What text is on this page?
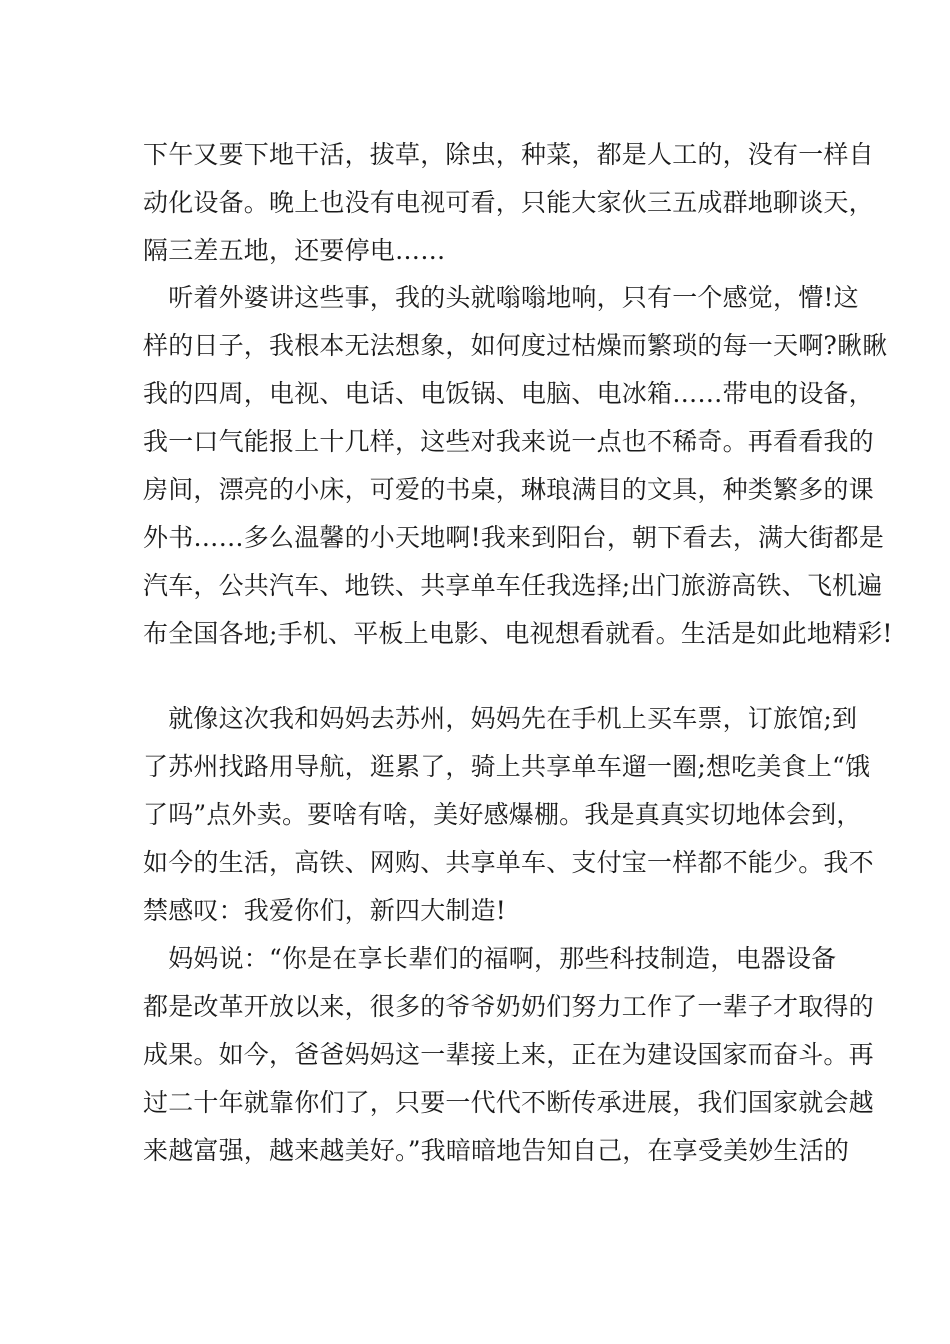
下午又要下地干活，拔草，除虫，种菜，都是人工的，没有一样自
动化设备。晚上也没有电视可看，只能大家伙三五成群地聊谈天，
隔三差五地，还要停电……
　听着外婆讲这些事，我的头就嗡嗡地响，只有一个感觉，懵!这
样的日子，我根本无法想象，如何度过枯燥而繁琐的每一天啊?瞅瞅
我的四周，电视、电话、电饭锅、电脑、电冰箱……带电的设备，
我一口气能报上十几样，这些对我来说一点也不稀奇。再看看我的
房间，漂亮的小床，可爱的书桌，琳琅满目的文具，种类繁多的课
外书……多么温馨的小天地啊!我来到阳台，朝下看去，满大街都是
汽车，公共汽车、地铁、共享单车任我选择;出门旅游高铁、飞机遍
布全国各地;手机、平板上电影、电视想看就看。生活是如此地精彩!
　就像这次我和妈妈去苏州，妈妈先在手机上买车票，订旅馆;到
了苏州找路用导航，逛累了，骑上共享单车遛一圈;想吃美食上“饿
了吗”点外卖。要啥有啥，美好感爆棚。我是真真实切地体会到，
如今的生活，高铁、网购、共享单车、支付宝一样都不能少。我不
禁感叹：我爱你们，新四大制造!
　妈妈说：“你是在享长辈们的福啊，那些科技制造，电器设备
都是改革开放以来，很多的爷爷奶奶们努力工作了一辈子才取得的
成果。如今，爸爸妈妈这一辈接上来，正在为建设国家而奋斗。再
过二十年就靠你们了，只要一代代不断传承进展，我们国家就会越
来越富强，越来越美好。”我暗暗地告知自己，在享受美妙生活的
